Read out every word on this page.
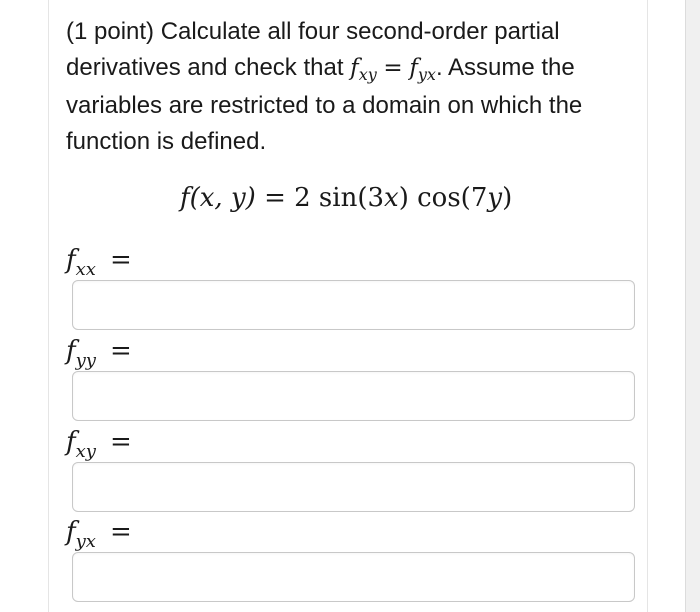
(1 point) Calculate all four second-order partial derivatives and check that $f_{xy} = f_{yx}$. Assume the variables are restricted to a domain on which the function is defined.
f(x, y) = 2 sin(3x) cos(7y)
$f_{xx}$ =
$f_{yy}$ =
$f_{xy}$ =
$f_{yx}$ =
